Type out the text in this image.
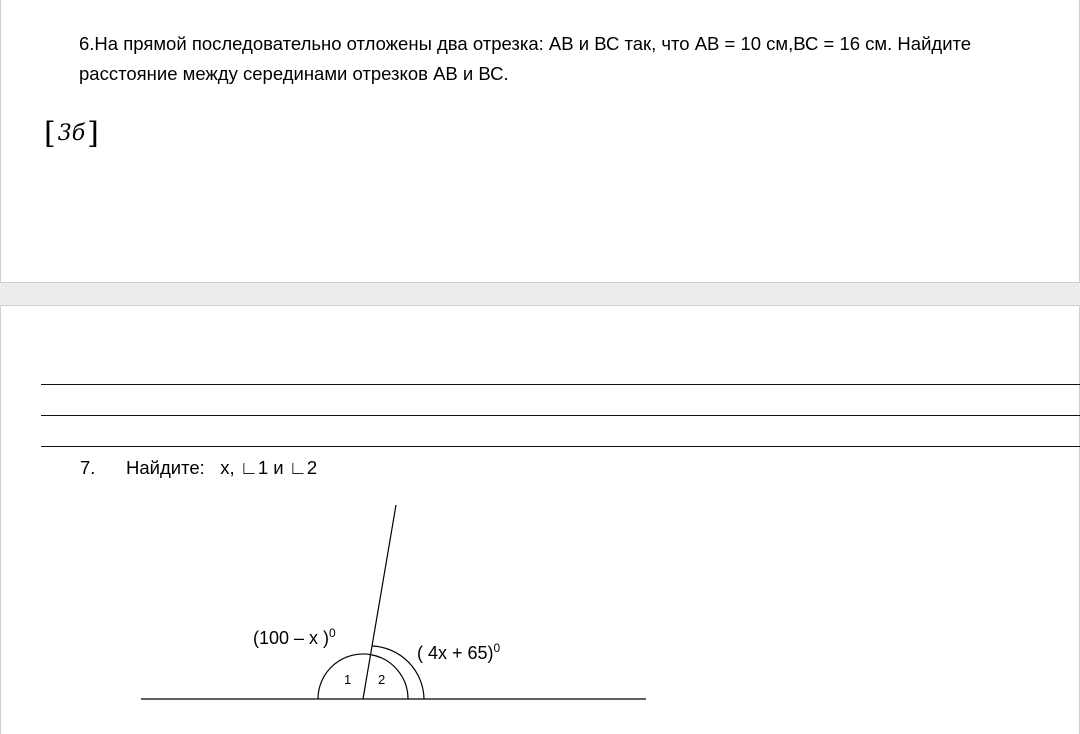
6.На прямой последовательно отложены два отрезка: АВ и ВС так, что АВ = 10 см,ВС = 16 см. Найдите расстояние между серединами отрезков АВ и ВС.
[3б]
7. Найдите:   х, ∟1 и ∟2
(100 – х )$^0$
( 4х + 65)$^0$
1 2
